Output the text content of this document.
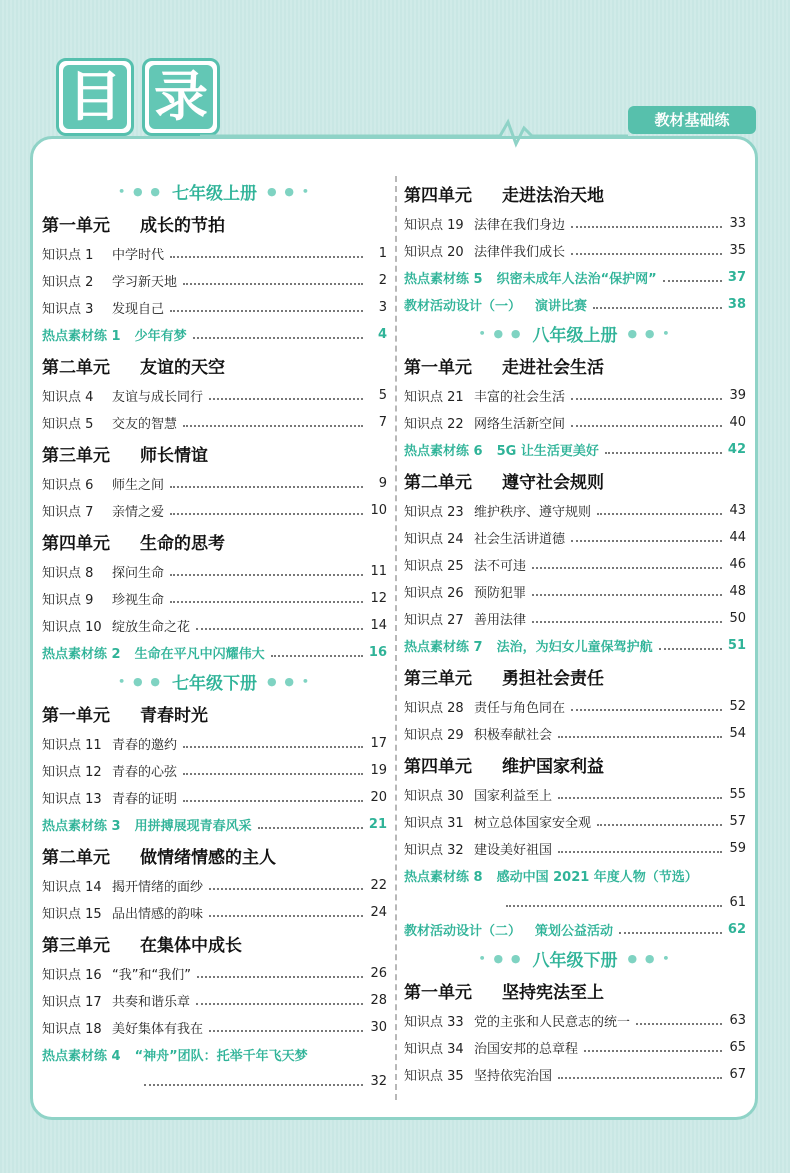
目 录	教材基础练
• ● ● 七年级上册 ● ● •
第一单元	成长的节拍
知识点 1	中学时代	1
知识点 2	学习新天地	2
知识点 3	发现自己	3
热点素材练 1	少年有梦	4
第二单元	友谊的天空
知识点 4	友谊与成长同行	5
知识点 5	交友的智慧	7
第三单元	师长情谊
知识点 6	师生之间	9
知识点 7	亲情之爱	10
第四单元	生命的思考
知识点 8	探问生命	11
知识点 9	珍视生命	12
知识点 10 绽放生命之花	14
热点素材练 2	生命在平凡中闪耀伟大	16
• ● ● 七年级下册 ● ● •
第一单元	青春时光
知识点 11 青春的邀约	17
知识点 12 青春的心弦	19
知识点 13 青春的证明	20
热点素材练 3	用拼搏展现青春风采	21
第二单元	做情绪情感的主人
知识点 14 揭开情绪的面纱	22
知识点 15 品出情感的韵味	24
第三单元	在集体中成长
知识点 16 “我”和“我们”	26
知识点 17 共奏和谐乐章	28
知识点 18 美好集体有我在	30
热点素材练 4	“神舟”团队：托举千年飞天梦
32
第四单元	走进法治天地
知识点 19 法律在我们身边	33
知识点 20 法律伴我们成长	35
热点素材练 5	织密未成年人法治“保护网”	37
教材活动设计（一）	演讲比赛	38
• ● ● 八年级上册 ● ● •
第一单元	走进社会生活
知识点 21 丰富的社会生活	39
知识点 22 网络生活新空间	40
热点素材练 6	5G 让生活更美好	42
第二单元	遵守社会规则
知识点 23 维护秩序、遵守规则	43
知识点 24 社会生活讲道德	44
知识点 25 法不可违	46
知识点 26 预防犯罪	48
知识点 27 善用法律	50
热点素材练 7	法治，为妇女儿童保驾护航	51
第三单元	勇担社会责任
知识点 28 责任与角色同在	52
知识点 29 积极奉献社会	54
第四单元	维护国家利益
知识点 30 国家利益至上	55
知识点 31 树立总体国家安全观	57
知识点 32 建设美好祖国	59
热点素材练 8	感动中国 2021 年度人物（节选）
61
教材活动设计（二）	策划公益活动	62
• ● ● 八年级下册 ● ● •
第一单元	坚持宪法至上
知识点 33 党的主张和人民意志的统一	63
知识点 34 治国安邦的总章程	65
知识点 35 坚持依宪治国	67
